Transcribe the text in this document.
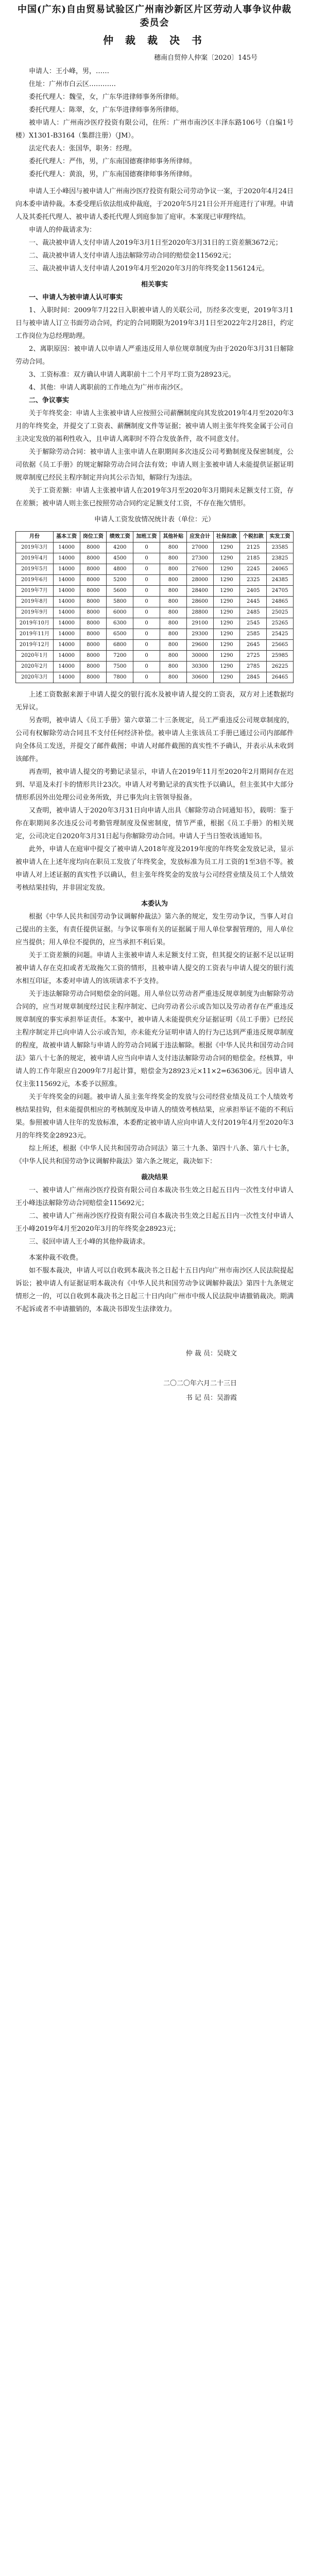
中国(广东)自由贸易试验区广州南沙新区片区劳动人事争议仲裁委员会
仲 裁 裁 决 书
穗南自贸仲人仲案〔2020〕145号

申请人：王小峰，男，……

住址：广州市白云区…………

委托代理人：魏莹，女，广东华进律师事务所律师。

委托代理人：陈翠，女，广东华进律师事务所律师。

被申请人：广州南沙医疗投资有限公司，住所：广州市南沙区丰泽东路106号（自编1号楼）X1301-B3164（集群注册）（JM）。

法定代表人：张国华，职务：经理。

委托代理人：严伟，男，广东南国德赛律师事务所律师。

委托代理人：黄浪，男，广东南国德赛律师事务所律师。

申请人王小峰因与被申请人广州南沙医疗投资有限公司劳动争议一案，于2020年4月24日向本委申请仲裁。本委受理后依法组成仲裁庭，于2020年5月21日公开开庭进行了审理。申请人及其委托代理人、被申请人委托代理人到庭参加了庭审。本案现已审理终结。

申请人的仲裁请求为：

一、裁决被申请人支付申请人2019年3月1日至2020年3月31日的工资差额3672元；

二、裁决被申请人支付申请人违法解除劳动合同的赔偿金115692元；

三、裁决被申请人支付申请人2019年4月至2020年3月的年终奖金1156124元。

相关事实

一、申请人为被申请人认可事实

1、入职时间：2009年7月22日入职被申请人的关联公司，历经多次变更，2019年3月1日与被申请人订立书面劳动合同，约定的合同期限为2019年3月1日至2022年2月28日，约定工作岗位为总经理助理。

2、离职原因：被申请人以申请人严重违反用人单位规章制度为由于2020年3月31日解除劳动合同。

3、工资标准：双方确认申请人离职前十二个月平均工资为28923元。

4、其他：申请人离职前的工作地点为广州市南沙区。

二、争议事实

关于年终奖金：申请人主张被申请人应按照公司薪酬制度向其发放2019年4月至2020年3月的年终奖金，并提交了工资表、薪酬制度文件等证据；被申请人则主张年终奖金属于公司自主决定发放的福利性收入，且申请人离职时不符合发放条件，故不同意支付。

关于解除劳动合同：被申请人主张申请人在职期间多次违反公司考勤制度及保密制度，公司依据《员工手册》的规定解除劳动合同合法有效；申请人则主张被申请人未能提供证据证明规章制度已经民主程序制定并向其公示告知，解除行为违法。

关于工资差额：申请人主张被申请人在2019年3月至2020年3月期间未足额支付工资，存在差额；被申请人则主张已按照劳动合同约定足额支付工资，不存在拖欠情形。

申请人工资发放情况统计表（单位：元）

月份	基本工资	岗位工资	绩效工资	加班工资	其他补贴	应发合计	社保扣款	个税扣款	实发工资
2019年3月	14000	8000	4200	0	800	27000	1290	2125	23585
2019年4月	14000	8000	4500	0	800	27300	1290	2185	23825
2019年5月	14000	8000	4800	0	800	27600	1290	2245	24065
2019年6月	14000	8000	5200	0	800	28000	1290	2325	24385
2019年7月	14000	8000	5600	0	800	28400	1290	2405	24705
2019年8月	14000	8000	5800	0	800	28600	1290	2445	24865
2019年9月	14000	8000	6000	0	800	28800	1290	2485	25025
2019年10月	14000	8000	6300	0	800	29100	1290	2545	25265
2019年11月	14000	8000	6500	0	800	29300	1290	2585	25425
2019年12月	14000	8000	6800	0	800	29600	1290	2645	25665
2020年1月	14000	8000	7200	0	800	30000	1290	2725	25985
2020年2月	14000	8000	7500	0	800	30300	1290	2785	26225
2020年3月	14000	8000	7800	0	800	30600	1290	2845	26465

上述工资数据来源于申请人提交的银行流水及被申请人提交的工资表，双方对上述数据均无异议。

另查明，被申请人《员工手册》第六章第二十三条规定，员工严重违反公司规章制度的，公司有权解除劳动合同且不支付任何经济补偿。被申请人主张该员工手册已通过公司内部邮件向全体员工发送，并提交了邮件截图；申请人对邮件截图的真实性不予确认，并表示从未收到该邮件。

再查明，被申请人提交的考勤记录显示，申请人在2019年11月至2020年2月期间存在迟到、早退及未打卡的情形共计23次。申请人对考勤记录的真实性予以确认，但主张其中大部分情形系因外出处理公司业务所致，并已事先向主管领导报备。

又查明，被申请人于2020年3月31日向申请人出具《解除劳动合同通知书》，载明：鉴于你在职期间多次违反公司考勤管理制度及保密制度，情节严重，根据《员工手册》的相关规定，公司决定自2020年3月31日起与你解除劳动合同。申请人于当日签收该通知书。

此外，申请人在庭审中提交了被申请人2018年度及2019年度的年终奖金发放记录，显示被申请人在上述年度均向在职员工发放了年终奖金，发放标准为员工月工资的1至3倍不等。被申请人对上述证据的真实性予以确认，但主张年终奖金的发放与公司经营业绩及员工个人绩效考核结果挂钩，并非固定发放。

本委认为

根据《中华人民共和国劳动争议调解仲裁法》第六条的规定，发生劳动争议，当事人对自己提出的主张，有责任提供证据。与争议事项有关的证据属于用人单位掌握管理的，用人单位应当提供；用人单位不提供的，应当承担不利后果。

关于工资差额的问题。申请人主张被申请人未足额支付工资，但其提交的证据不足以证明被申请人存在克扣或者无故拖欠工资的情形，且被申请人提交的工资表与申请人提交的银行流水相互印证，本委对申请人的该项请求不予支持。

关于违法解除劳动合同赔偿金的问题。用人单位以劳动者严重违反规章制度为由解除劳动合同的，应当对规章制度经过民主程序制定、已向劳动者公示或告知以及劳动者存在严重违反规章制度的事实承担举证责任。本案中，被申请人未能提供充分证据证明《员工手册》已经民主程序制定并已向申请人公示或告知，亦未能充分证明申请人的行为已达到严重违反规章制度的程度，故被申请人解除与申请人的劳动合同属于违法解除。根据《中华人民共和国劳动合同法》第八十七条的规定，被申请人应当向申请人支付违法解除劳动合同的赔偿金。经核算，申请人的工作年限应自2009年7月起计算，赔偿金为28923元×11×2=636306元。因申请人仅主张115692元，本委予以照准。

关于年终奖金的问题。被申请人虽主张年终奖金的发放与公司经营业绩及员工个人绩效考核结果挂钩，但未能提供相应的考核制度及申请人的绩效考核结果，应承担举证不能的不利后果。参照被申请人往年的发放标准，本委酌定被申请人应向申请人支付2019年4月至2020年3月的年终奖金28923元。

综上所述，根据《中华人民共和国劳动合同法》第三十九条、第四十八条、第八十七条，《中华人民共和国劳动争议调解仲裁法》第六条之规定，裁决如下：

裁决结果

一、被申请人广州南沙医疗投资有限公司自本裁决书生效之日起五日内一次性支付申请人王小峰违法解除劳动合同赔偿金115692元；

二、被申请人广州南沙医疗投资有限公司自本裁决书生效之日起五日内一次性支付申请人王小峰2019年4月至2020年3月的年终奖金28923元；

三、驳回申请人王小峰的其他仲裁请求。

本案仲裁不收费。

如不服本裁决，申请人可以自收到本裁决书之日起十五日内向广州市南沙区人民法院提起诉讼；被申请人有证据证明本裁决有《中华人民共和国劳动争议调解仲裁法》第四十九条规定情形之一的，可以自收到本裁决书之日起三十日内向广州市中级人民法院申请撤销裁决。期满不起诉或者不申请撤销的，本裁决书即发生法律效力。

仲 裁 员：吴晓文
二〇二〇年六月二十三日
书 记 员：吴游霞
